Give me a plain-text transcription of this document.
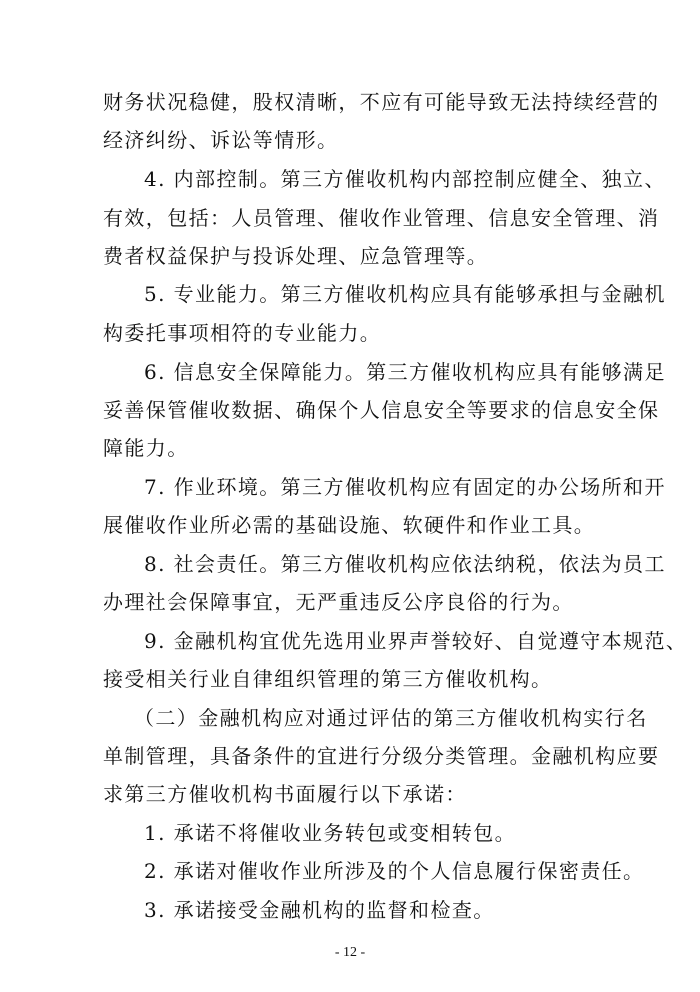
财务状况稳健，股权清晰，不应有可能导致无法持续经营的
经济纠纷、诉讼等情形。
4. 内部控制。第三方催收机构内部控制应健全、独立、
有效，包括：人员管理、催收作业管理、信息安全管理、消
费者权益保护与投诉处理、应急管理等。
5. 专业能力。第三方催收机构应具有能够承担与金融机
构委托事项相符的专业能力。
6. 信息安全保障能力。第三方催收机构应具有能够满足
妥善保管催收数据、确保个人信息安全等要求的信息安全保
障能力。
7. 作业环境。第三方催收机构应有固定的办公场所和开
展催收作业所必需的基础设施、软硬件和作业工具。
8. 社会责任。第三方催收机构应依法纳税，依法为员工
办理社会保障事宜，无严重违反公序良俗的行为。
9. 金融机构宜优先选用业界声誉较好、自觉遵守本规范、
接受相关行业自律组织管理的第三方催收机构。
（二）金融机构应对通过评估的第三方催收机构实行名
单制管理，具备条件的宜进行分级分类管理。金融机构应要
求第三方催收机构书面履行以下承诺：
1. 承诺不将催收业务转包或变相转包。
2. 承诺对催收作业所涉及的个人信息履行保密责任。
3. 承诺接受金融机构的监督和检查。
- 12 -
